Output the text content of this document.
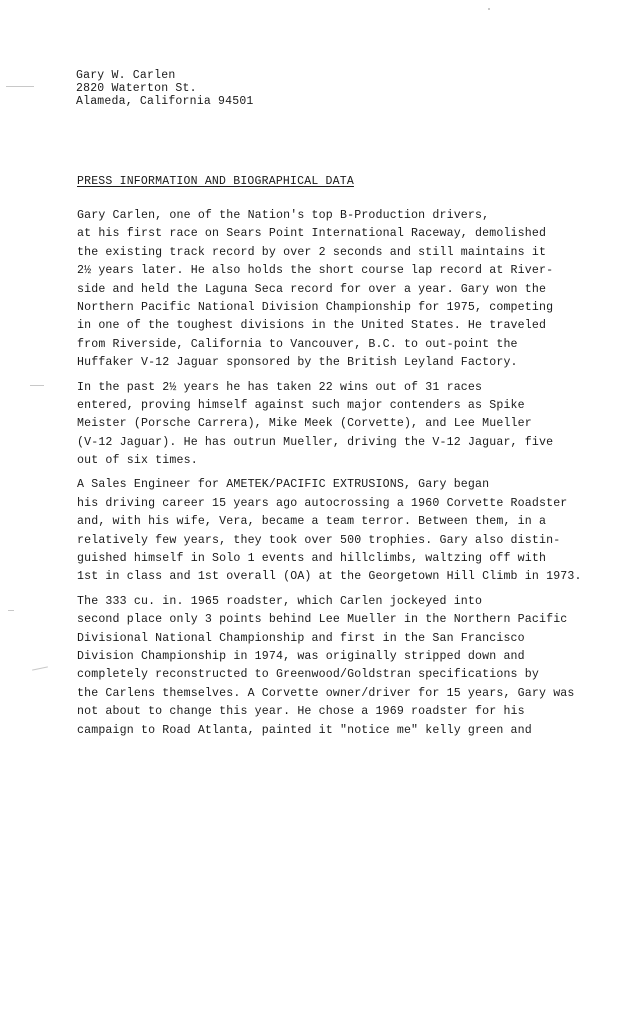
Gary W. Carlen
2820 Waterton St.
Alameda, California 94501
PRESS INFORMATION AND BIOGRAPHICAL DATA
Gary Carlen, one of the Nation's top B-Production drivers,
at his first race on Sears Point International Raceway, demolished
the existing track record by over 2 seconds and still maintains it
2½ years later. He also holds the short course lap record at River-
side and held the Laguna Seca record for over a year. Gary won the
Northern Pacific National Division Championship for 1975, competing
in one of the toughest divisions in the United States. He traveled
from Riverside, California to Vancouver, B.C. to out-point the
Huffaker V-12 Jaguar sponsored by the British Leyland Factory.
In the past 2½ years he has taken 22 wins out of 31 races
entered, proving himself against such major contenders as Spike
Meister (Porsche Carrera), Mike Meek (Corvette), and Lee Mueller
(V-12 Jaguar). He has outrun Mueller, driving the V-12 Jaguar, five
out of six times.
A Sales Engineer for AMETEK/PACIFIC EXTRUSIONS, Gary began
his driving career 15 years ago autocrossing a 1960 Corvette Roadster
and, with his wife, Vera, became a team terror. Between them, in a
relatively few years, they took over 500 trophies. Gary also distin-
guished himself in Solo 1 events and hillclimbs, waltzing off with
1st in class and 1st overall (OA) at the Georgetown Hill Climb in 1973.
The 333 cu. in. 1965 roadster, which Carlen jockeyed into
second place only 3 points behind Lee Mueller in the Northern Pacific
Divisional National Championship and first in the San Francisco
Division Championship in 1974, was originally stripped down and
completely reconstructed to Greenwood/Goldstran specifications by
the Carlens themselves. A Corvette owner/driver for 15 years, Gary was
not about to change this year. He chose a 1969 roadster for his
campaign to Road Atlanta, painted it "notice me" kelly green and
